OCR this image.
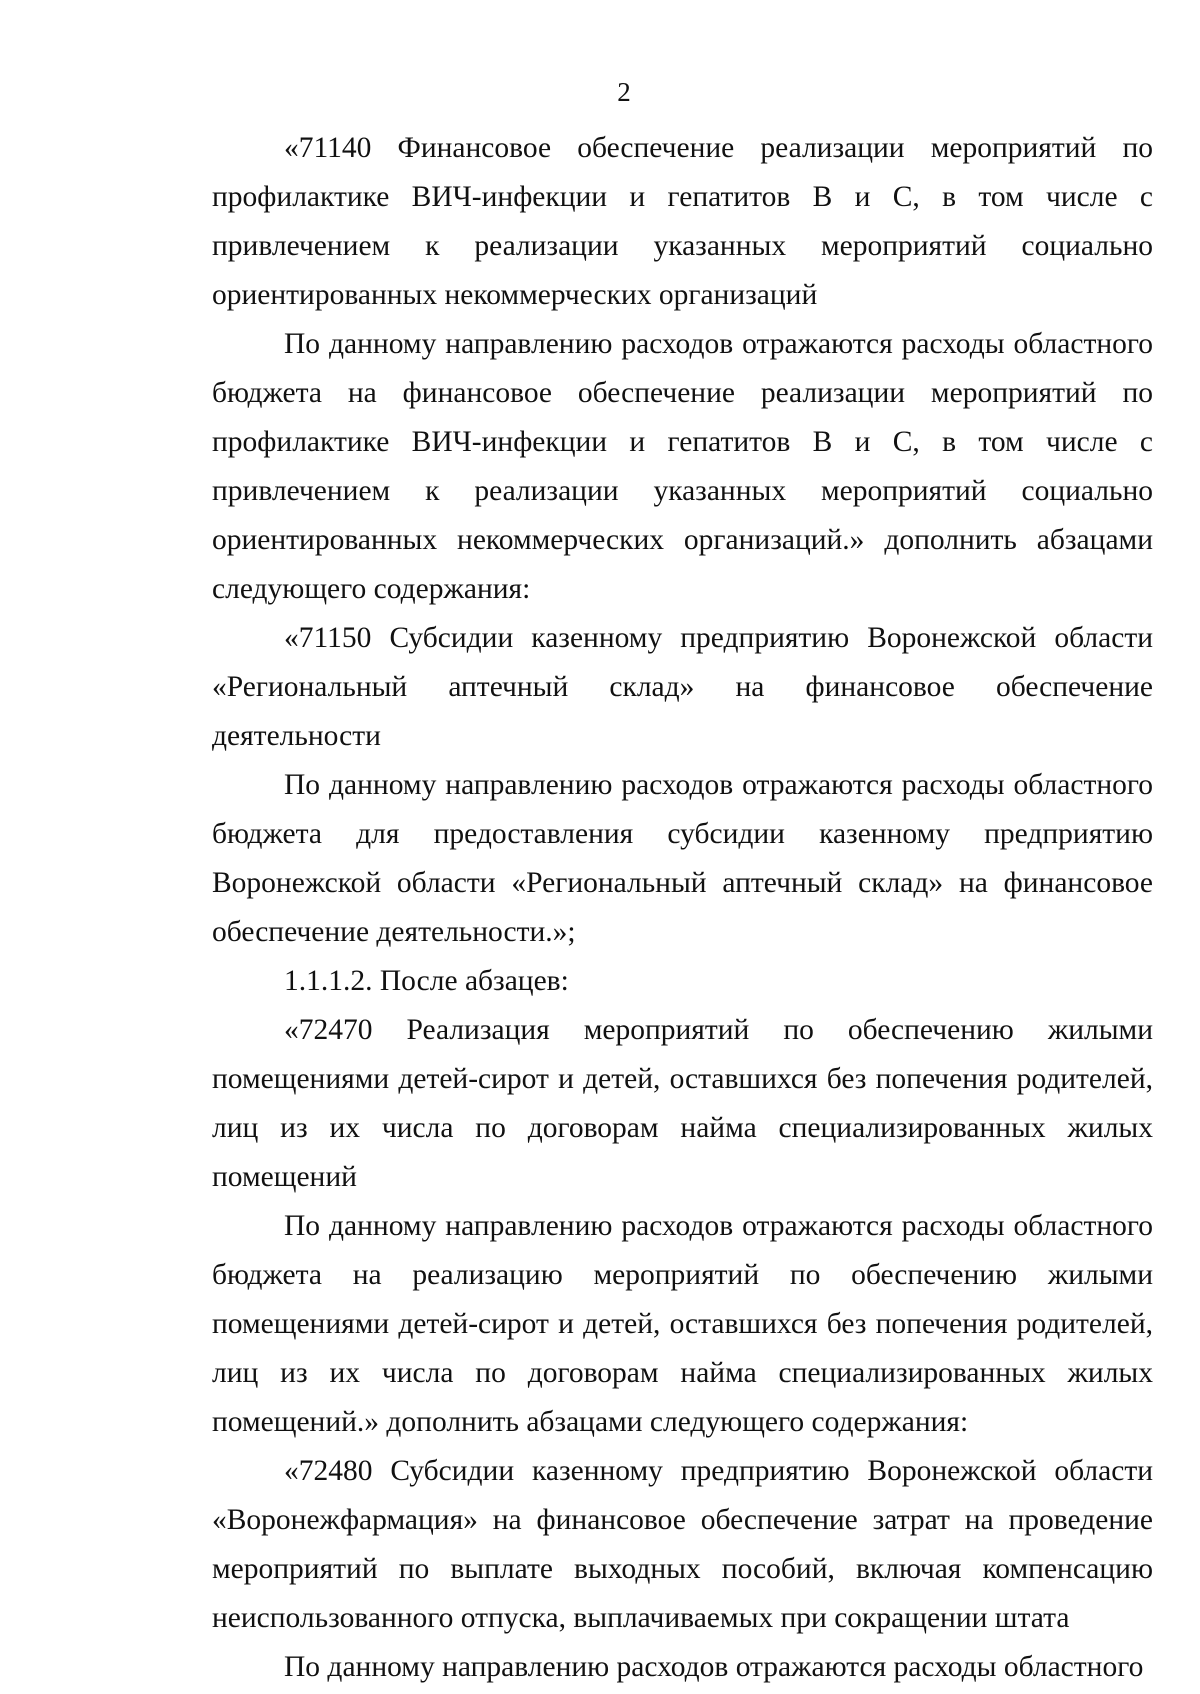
2

«71140 Финансовое обеспечение реализации мероприятий по профилактике ВИЧ-инфекции и гепатитов В и С, в том числе с привлечением к реализации указанных мероприятий социально ориентированных некоммерческих организаций

По данному направлению расходов отражаются расходы областного бюджета на финансовое обеспечение реализации мероприятий по профилактике ВИЧ-инфекции и гепатитов В и С, в том числе с привлечением к реализации указанных мероприятий социально ориентированных некоммерческих организаций.» дополнить абзацами следующего содержания:

«71150 Субсидии казенному предприятию Воронежской области «Региональный аптечный склад» на финансовое обеспечение деятельности

По данному направлению расходов отражаются расходы областного бюджета для предоставления субсидии казенному предприятию Воронежской области «Региональный аптечный склад» на финансовое обеспечение деятельности.»;

1.1.1.2. После абзацев:

«72470 Реализация мероприятий по обеспечению жилыми помещениями детей-сирот и детей, оставшихся без попечения родителей, лиц из их числа по договорам найма специализированных жилых помещений

По данному направлению расходов отражаются расходы областного бюджета на реализацию мероприятий по обеспечению жилыми помещениями детей-сирот и детей, оставшихся без попечения родителей, лиц из их числа по договорам найма специализированных жилых помещений.» дополнить абзацами следующего содержания:

«72480 Субсидии казенному предприятию Воронежской области «Воронежфармация» на финансовое обеспечение затрат на проведение мероприятий по выплате выходных пособий, включая компенсацию неиспользованного отпуска, выплачиваемых при сокращении штата

По данному направлению расходов отражаются расходы областного
